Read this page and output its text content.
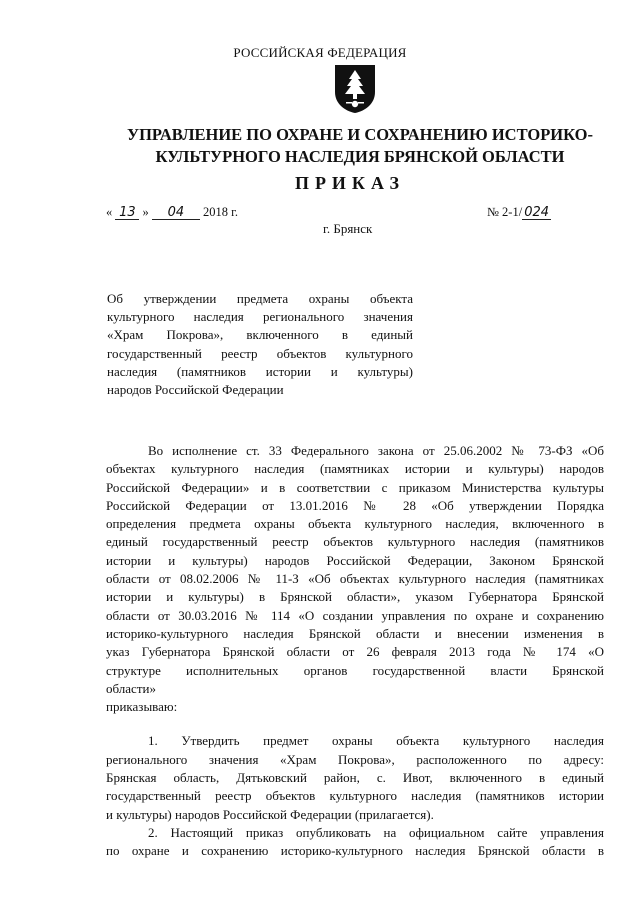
РОССИЙСКАЯ ФЕДЕРАЦИЯ
УПРАВЛЕНИЕ ПО ОХРАНЕ И СОХРАНЕНИЮ ИСТОРИКО-
КУЛЬТУРНОГО НАСЛЕДИЯ БРЯНСКОЙ ОБЛАСТИ
ПРИКАЗ
« 13 » 04 2018 г.	№ 2-1/ 024
г. Брянск
Об утверждении предмета охраны объекта
культурного наследия регионального значения
«Храм Покрова», включенного в единый
государственный реестр объектов культурного
наследия (памятников истории и культуры)
народов Российской Федерации
Во исполнение ст. 33 Федерального закона от 25.06.2002 № 73-ФЗ «Об
объектах культурного наследия (памятниках истории и культуры) народов
Российской Федерации» и в соответствии с приказом Министерства культуры
Российской Федерации от 13.01.2016 № 28 «Об утверждении Порядка
определения предмета охраны объекта культурного наследия, включенного в
единый государственный реестр объектов культурного наследия (памятников
истории и культуры) народов Российской Федерации, Законом Брянской
области от 08.02.2006 № 11-З «Об объектах культурного наследия (памятниках
истории и культуры) в Брянской области», указом Губернатора Брянской
области от 30.03.2016 № 114 «О создании управления по охране и сохранению
историко-культурного наследия Брянской области и внесении изменения в
указ Губернатора Брянской области от 26 февраля 2013 года № 174 «О
структуре исполнительных органов государственной власти Брянской
области»
приказываю:
1. Утвердить предмет охраны объекта культурного наследия
регионального значения «Храм Покрова», расположенного по адресу:
Брянская область, Дятьковский район, с. Ивот, включенного в единый
государственный реестр объектов культурного наследия (памятников истории
и культуры) народов Российской Федерации (прилагается).
2. Настоящий приказ опубликовать на официальном сайте управления
по охране и сохранению историко-культурного наследия Брянской области в
